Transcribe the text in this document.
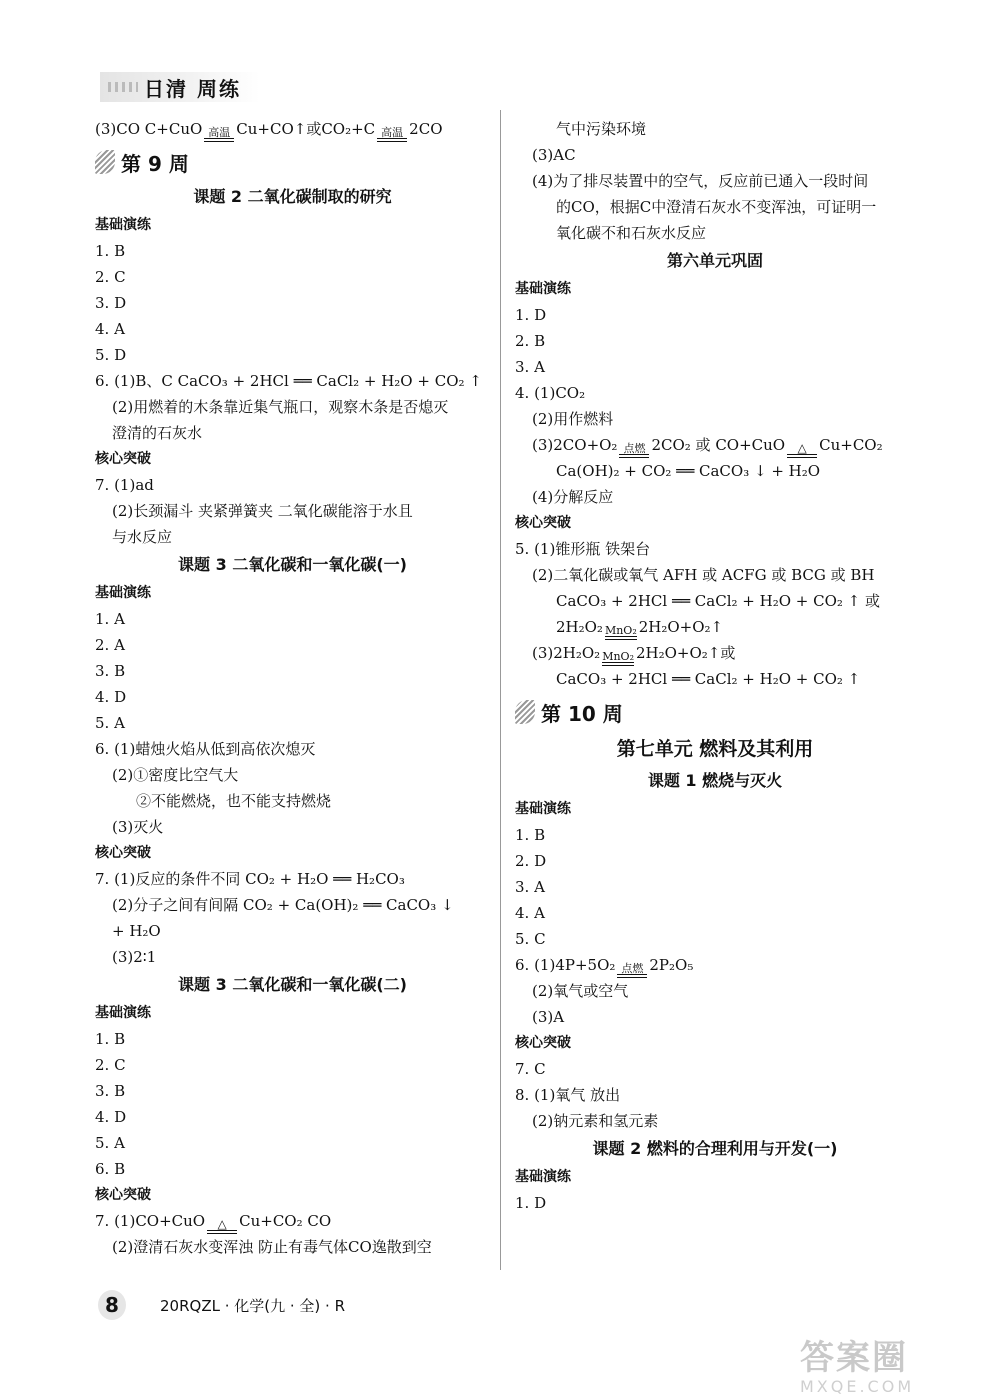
日清 周练
(3)CO C+CuO 高温 Cu+CO↑或CO₂+C 高温 2CO
第 9 周
课题 2 二氧化碳制取的研究
基础演练
1. B
2. C
3. D
4. A
5. D
6. (1)B、C CaCO₃ + 2HCl ══ CaCl₂ + H₂O + CO₂ ↑
(2)用燃着的木条靠近集气瓶口，观察木条是否熄灭
澄清的石灰水
核心突破
7. (1)ad
(2)长颈漏斗 夹紧弹簧夹 二氧化碳能溶于水且
与水反应
课题 3 二氧化碳和一氧化碳(一)
基础演练
1. A
2. A
3. B
4. D
5. A
6. (1)蜡烛火焰从低到高依次熄灭
(2)①密度比空气大
②不能燃烧，也不能支持燃烧
(3)灭火
核心突破
7. (1)反应的条件不同 CO₂ + H₂O ══ H₂CO₃
(2)分子之间有间隔 CO₂ + Ca(OH)₂ ══ CaCO₃ ↓
+ H₂O
(3)2∶1
课题 3 二氧化碳和一氧化碳(二)
基础演练
1. B
2. C
3. B
4. D
5. A
6. B
核心突破
7. (1)CO+CuO	△ Cu+CO₂ CO
(2)澄清石灰水变浑浊 防止有毒气体CO逸散到空
气中污染环境
(3)AC
(4)为了排尽装置中的空气，反应前已通入一段时间
的CO，根据C中澄清石灰水不变浑浊，可证明一
氧化碳不和石灰水反应
第六单元巩固
基础演练
1. D
2. B
3. A
4. (1)CO₂
(2)用作燃料
(3)2CO+O₂ 点燃 2CO₂ 或 CO+CuO	△ Cu+CO₂
Ca(OH)₂ + CO₂ ══ CaCO₃ ↓ + H₂O
(4)分解反应
核心突破
5. (1)锥形瓶 铁架台
(2)二氧化碳或氧气 AFH 或 ACFG 或 BCG 或 BH
CaCO₃ + 2HCl ══ CaCl₂ + H₂O + CO₂ ↑ 或
2H₂O₂ MnO₂ 2H₂O+O₂↑
(3)2H₂O₂ MnO₂ 2H₂O+O₂↑或
CaCO₃ + 2HCl ══ CaCl₂ + H₂O + CO₂ ↑
第 10 周
第七单元 燃料及其利用
课题 1 燃烧与灭火
基础演练
1. B
2. D
3. A
4. A
5. C
6. (1)4P+5O₂ 点燃 2P₂O₅
(2)氧气或空气
(3)A
核心突破
7. C
8. (1)氧气 放出
(2)钠元素和氢元素
课题 2 燃料的合理利用与开发(一)
基础演练
1. D
8	20RQZL · 化学(九 · 全) · R
答案圈
MXQE.COM
